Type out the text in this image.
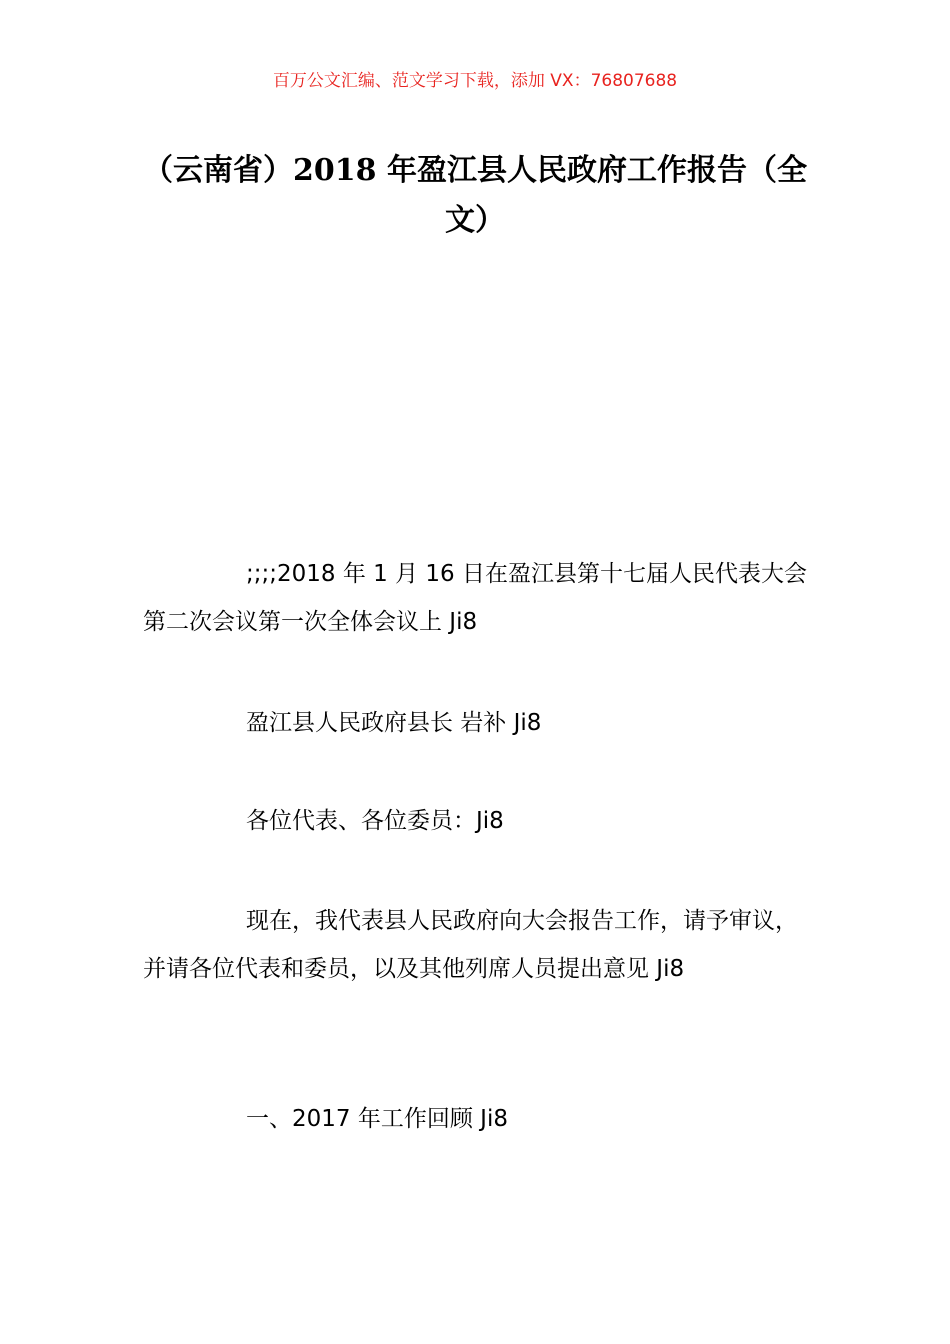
百万公文汇编、范文学习下载，添加 VX：76807688
（云南省）2018 年盈江县人民政府工作报告（全文）

;;;;2018 年 1 月 16 日在盈江县第十七届人民代表大会第二次会议第一次全体会议上 Ji8

盈江县人民政府县长 岩补 Ji8

各位代表、各位委员：Ji8

现在，我代表县人民政府向大会报告工作，请予审议，并请各位代表和委员，以及其他列席人员提出意见 Ji8

一、2017 年工作回顾 Ji8
